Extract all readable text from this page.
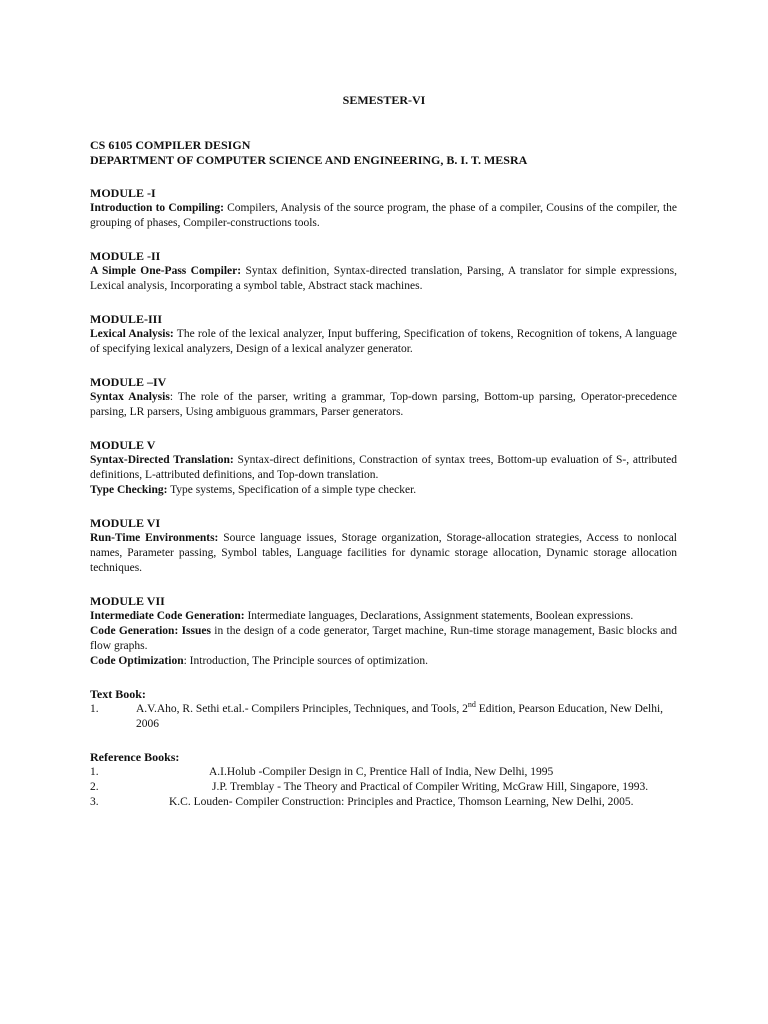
SEMESTER-VI
CS 6105 COMPILER DESIGN
DEPARTMENT OF COMPUTER SCIENCE AND ENGINEERING, B. I. T. MESRA
MODULE -I
Introduction to Compiling: Compilers, Analysis of the source program, the phase of a compiler, Cousins of the compiler, the grouping of phases, Compiler-constructions tools.
MODULE -II
A Simple One-Pass Compiler: Syntax definition, Syntax-directed translation, Parsing, A translator for simple expressions, Lexical analysis, Incorporating a symbol table, Abstract stack machines.
MODULE-III
Lexical Analysis: The role of the lexical analyzer, Input buffering, Specification of tokens, Recognition of tokens, A language of specifying lexical analyzers, Design of a lexical analyzer generator.
MODULE –IV
Syntax Analysis: The role of the parser, writing a grammar, Top-down parsing, Bottom-up parsing, Operator-precedence parsing, LR parsers, Using ambiguous grammars, Parser generators.
MODULE V
Syntax-Directed Translation: Syntax-direct definitions, Constraction of syntax trees, Bottom-up evaluation of S-, attributed definitions, L-attributed definitions, and Top-down translation.
Type Checking: Type systems, Specification of a simple type checker.
MODULE VI
Run-Time Environments: Source language issues, Storage organization, Storage-allocation strategies, Access to nonlocal names, Parameter passing, Symbol tables, Language facilities for dynamic storage allocation, Dynamic storage allocation techniques.
MODULE VII
Intermediate Code Generation: Intermediate languages, Declarations, Assignment statements, Boolean expressions.
Code Generation: Issues in the design of a code generator, Target machine, Run-time storage management, Basic blocks and flow graphs.
Code Optimization: Introduction, The Principle sources of optimization.
Text Book:
1.	A.V.Aho, R. Sethi et.al.- Compilers Principles, Techniques, and Tools, 2nd Edition, Pearson Education, New Delhi, 2006
Reference Books:
1.	A.I.Holub -Compiler Design in C, Prentice Hall of India, New Delhi, 1995
2.	J.P. Tremblay - The Theory and Practical of Compiler Writing, McGraw Hill, Singapore, 1993.
3.	K.C. Louden- Compiler Construction: Principles and Practice, Thomson Learning, New Delhi, 2005.
